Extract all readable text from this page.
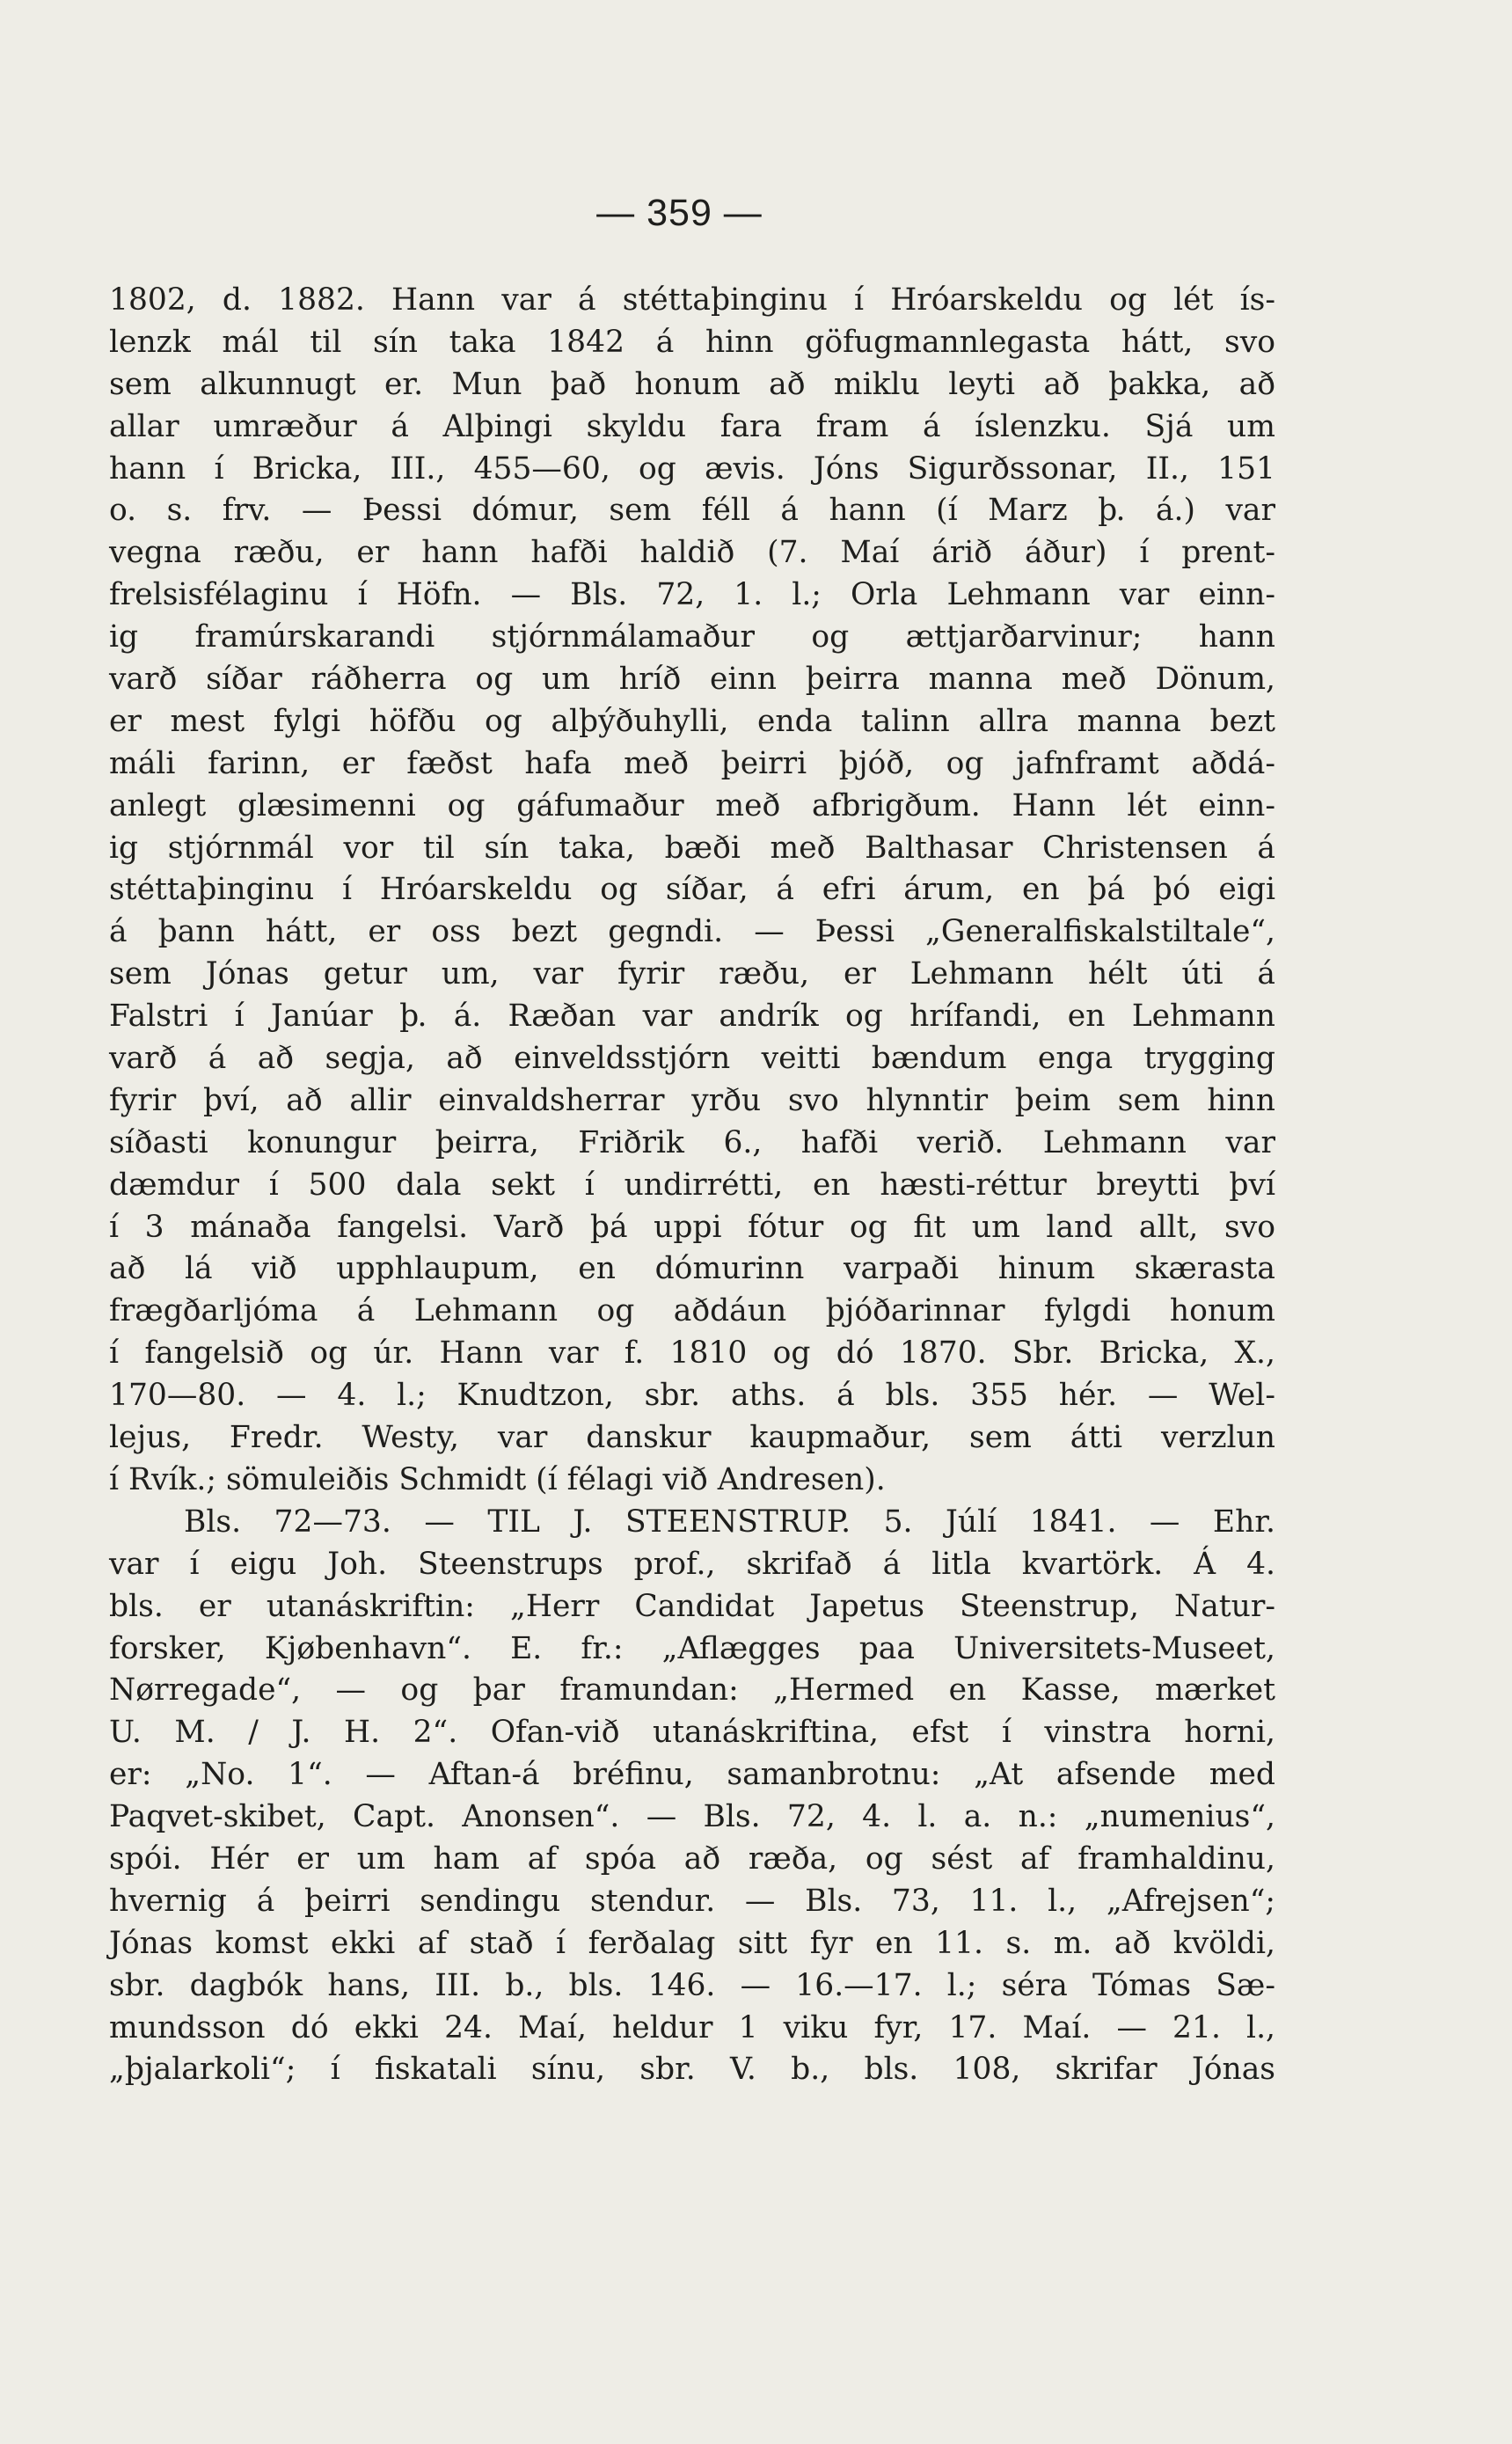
— 359 —
1802, d. 1882. Hann var á stéttaþinginu í Hróarskeldu og lét ís-
lenzk mál til sín taka 1842 á hinn göfugmannlegasta hátt, svo
sem alkunnugt er. Mun það honum að miklu leyti að þakka, að
allar umræður á Alþingi skyldu fara fram á íslenzku. Sjá um
hann í Bricka, III., 455—60, og ævis. Jóns Sigurðssonar, II., 151
o. s. frv. — Þessi dómur, sem féll á hann (í Marz þ. á.) var
vegna ræðu, er hann hafði haldið (7. Maí árið áður) í prent-
frelsisfélaginu í Höfn. — Bls. 72, 1. l.; Orla Lehmann var einn-
ig framúrskarandi stjórnmálamaður og ættjarðarvinur; hann
varð síðar ráðherra og um hríð einn þeirra manna með Dönum,
er mest fylgi höfðu og alþýðuhylli, enda talinn allra manna bezt
máli farinn, er fæðst hafa með þeirri þjóð, og jafnframt aðdá-
anlegt glæsimenni og gáfumaður með afbrigðum. Hann lét einn-
ig stjórnmál vor til sín taka, bæði með Balthasar Christensen á
stéttaþinginu í Hróarskeldu og síðar, á efri árum, en þá þó eigi
á þann hátt, er oss bezt gegndi. — Þessi „Generalfiskalstiltale“,
sem Jónas getur um, var fyrir ræðu, er Lehmann hélt úti á
Falstri í Janúar þ. á. Ræðan var andrík og hrífandi, en Lehmann
varð á að segja, að einveldsstjórn veitti bændum enga trygging
fyrir því, að allir einvaldsherrar yrðu svo hlynntir þeim sem hinn
síðasti konungur þeirra, Friðrik 6., hafði verið. Lehmann var
dæmdur í 500 dala sekt í undirrétti, en hæsti-réttur breytti því
í 3 mánaða fangelsi. Varð þá uppi fótur og fit um land allt, svo
að lá við upphlaupum, en dómurinn varpaði hinum skærasta
frægðarljóma á Lehmann og aðdáun þjóðarinnar fylgdi honum
í fangelsið og úr. Hann var f. 1810 og dó 1870. Sbr. Bricka, X.,
170—80. — 4. l.; Knudtzon, sbr. aths. á bls. 355 hér. — Wel-
lejus, Fredr. Westy, var danskur kaupmaður, sem átti verzlun
í Rvík.; sömuleiðis Schmidt (í félagi við Andresen).
Bls. 72—73. — TIL J. STEENSTRUP. 5. Júlí 1841. — Ehr.
var í eigu Joh. Steenstrups prof., skrifað á litla kvartörk. Á 4.
bls. er utanáskriftin: „Herr Candidat Japetus Steenstrup, Natur-
forsker, Kjøbenhavn“. E. fr.: „Aflægges paa Universitets-Museet,
Nørregade“, — og þar framundan: „Hermed en Kasse, mærket
U. M. / J. H. 2“. Ofan-við utanáskriftina, efst í vinstra horni,
er: „No. 1“. — Aftan-á bréfinu, samanbrotnu: „At afsende med
Paqvet-skibet, Capt. Anonsen“. — Bls. 72, 4. l. a. n.: „numenius“,
spói. Hér er um ham af spóa að ræða, og sést af framhaldinu,
hvernig á þeirri sendingu stendur. — Bls. 73, 11. l., „Afrejsen“;
Jónas komst ekki af stað í ferðalag sitt fyr en 11. s. m. að kvöldi,
sbr. dagbók hans, III. b., bls. 146. — 16.—17. l.; séra Tómas Sæ-
mundsson dó ekki 24. Maí, heldur 1 viku fyr, 17. Maí. — 21. l.,
„þjalarkoli“; í fiskatali sínu, sbr. V. b., bls. 108, skrifar Jónas
